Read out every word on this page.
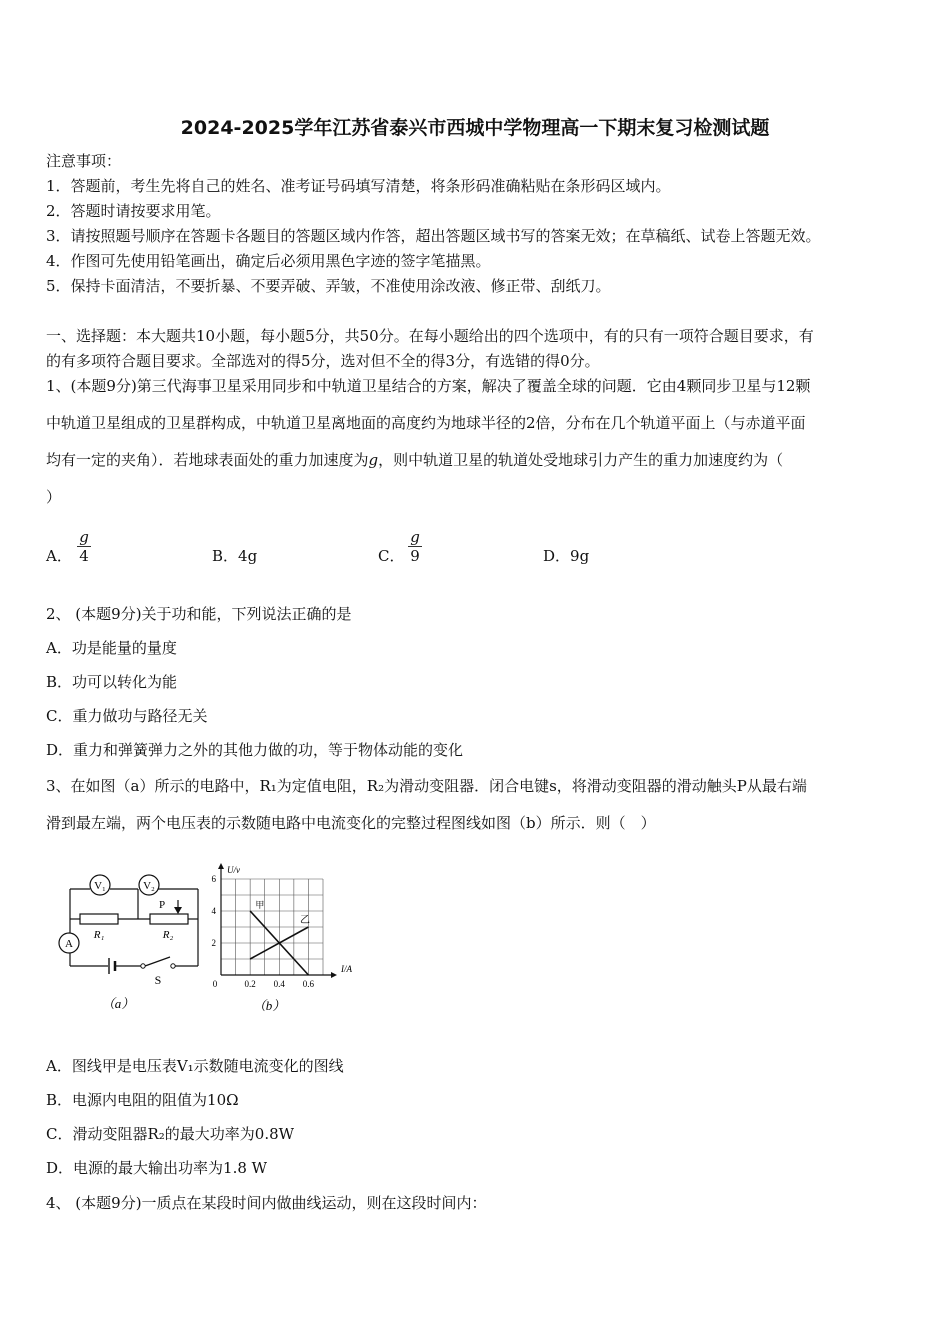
2024-2025学年江苏省泰兴市西城中学物理高一下期末复习检测试题
注意事项：
1．答题前，考生先将自己的姓名、准考证号码填写清楚，将条形码准确粘贴在条形码区域内。
2．答题时请按要求用笔。
3．请按照题号顺序在答题卡各题目的答题区域内作答，超出答题区域书写的答案无效；在草稿纸、试卷上答题无效。
4．作图可先使用铅笔画出，确定后必须用黑色字迹的签字笔描黑。
5．保持卡面清洁，不要折暴、不要弄破、弄皱，不准使用涂改液、修正带、刮纸刀。
一、选择题：本大题共10小题，每小题5分，共50分。在每小题给出的四个选项中，有的只有一项符合题目要求，有
的有多项符合题目要求。全部选对的得5分，选对但不全的得3分，有选错的得0分。
1、(本题9分)第三代海事卫星采用同步和中轨道卫星结合的方案，解决了覆盖全球的问题．它由4颗同步卫星与12颗
中轨道卫星组成的卫星群构成，中轨道卫星离地面的高度约为地球半径的2倍，分布在几个轨道平面上（与赤道平面
均有一定的夹角）．若地球表面处的重力加速度为g，则中轨道卫星的轨道处受地球引力产生的重力加速度约为（
）
A． $\frac{g}{4}$	B．4g	C． $\frac{g}{9}$	D．9g
2、 (本题9分)关于功和能，下列说法正确的是
A．功是能量的量度
B．功可以转化为能
C．重力做功与路径无关
D．重力和弹簧弹力之外的其他力做的功，等于物体动能的变化
3、在如图（a）所示的电路中，R₁为定值电阻，R₂为滑动变阻器．闭合电键s，将滑动变阻器的滑动触头P从最右端
滑到最左端，两个电压表的示数随电路中电流变化的完整过程图线如图（b）所示．则（　）
V₁	V₂
A
R₁	R₂
P
S
（a）
2
4
6
0.2 0.4 0.6
U/v
I/A
0
甲
乙
（b）
A．图线甲是电压表V₁示数随电流变化的图线
B．电源内电阻的阻值为10Ω
C．滑动变阻器R₂的最大功率为0.8W
D．电源的最大输出功率为1.8 W
4、 (本题9分)一质点在某段时间内做曲线运动，则在这段时间内：
